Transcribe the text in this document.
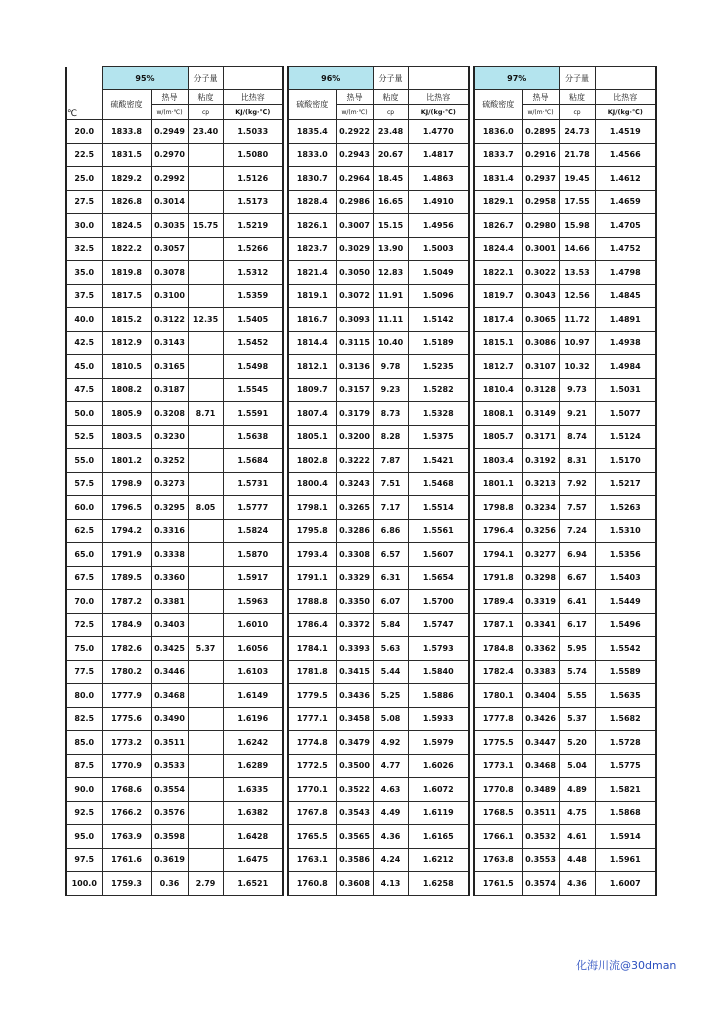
	95%		分子量	
℃	硫酸密度	热导	粘度	比热容
		w/(m·℃)	cp	KJ/(kg·℃)
20.0	1833.8	0.2949	23.40	1.5033
22.5	1831.5	0.2970		1.5080
25.0	1829.2	0.2992		1.5126
27.5	1826.8	0.3014		1.5173
30.0	1824.5	0.3035	15.75	1.5219
32.5	1822.2	0.3057		1.5266
35.0	1819.8	0.3078		1.5312
37.5	1817.5	0.3100		1.5359
40.0	1815.2	0.3122	12.35	1.5405
42.5	1812.9	0.3143		1.5452
45.0	1810.5	0.3165		1.5498
47.5	1808.2	0.3187		1.5545
50.0	1805.9	0.3208	8.71	1.5591
52.5	1803.5	0.3230		1.5638
55.0	1801.2	0.3252		1.5684
57.5	1798.9	0.3273		1.5731
60.0	1796.5	0.3295	8.05	1.5777
62.5	1794.2	0.3316		1.5824
65.0	1791.9	0.3338		1.5870
67.5	1789.5	0.3360		1.5917
70.0	1787.2	0.3381		1.5963
72.5	1784.9	0.3403		1.6010
75.0	1782.6	0.3425	5.37	1.6056
77.5	1780.2	0.3446		1.6103
80.0	1777.9	0.3468		1.6149
82.5	1775.6	0.3490		1.6196
85.0	1773.2	0.3511		1.6242
87.5	1770.9	0.3533		1.6289
90.0	1768.6	0.3554		1.6335
92.5	1766.2	0.3576		1.6382
95.0	1763.9	0.3598		1.6428
97.5	1761.6	0.3619		1.6475
100.0	1759.3	0.36	2.79	1.6521
96%		分子量	
硫酸密度	热导	粘度	比热容
	w/(m·℃)	cp	KJ/(kg·℃)
1835.4	0.2922	23.48	1.4770
1833.0	0.2943	20.67	1.4817
1830.7	0.2964	18.45	1.4863
1828.4	0.2986	16.65	1.4910
1826.1	0.3007	15.15	1.4956
1823.7	0.3029	13.90	1.5003
1821.4	0.3050	12.83	1.5049
1819.1	0.3072	11.91	1.5096
1816.7	0.3093	11.11	1.5142
1814.4	0.3115	10.40	1.5189
1812.1	0.3136	9.78	1.5235
1809.7	0.3157	9.23	1.5282
1807.4	0.3179	8.73	1.5328
1805.1	0.3200	8.28	1.5375
1802.8	0.3222	7.87	1.5421
1800.4	0.3243	7.51	1.5468
1798.1	0.3265	7.17	1.5514
1795.8	0.3286	6.86	1.5561
1793.4	0.3308	6.57	1.5607
1791.1	0.3329	6.31	1.5654
1788.8	0.3350	6.07	1.5700
1786.4	0.3372	5.84	1.5747
1784.1	0.3393	5.63	1.5793
1781.8	0.3415	5.44	1.5840
1779.5	0.3436	5.25	1.5886
1777.1	0.3458	5.08	1.5933
1774.8	0.3479	4.92	1.5979
1772.5	0.3500	4.77	1.6026
1770.1	0.3522	4.63	1.6072
1767.8	0.3543	4.49	1.6119
1765.5	0.3565	4.36	1.6165
1763.1	0.3586	4.24	1.6212
1760.8	0.3608	4.13	1.6258
97%		分子量	
硫酸密度	热导	粘度	比热容
	w/(m·℃)	cp	KJ/(kg·℃)
1836.0	0.2895	24.73	1.4519
1833.7	0.2916	21.78	1.4566
1831.4	0.2937	19.45	1.4612
1829.1	0.2958	17.55	1.4659
1826.7	0.2980	15.98	1.4705
1824.4	0.3001	14.66	1.4752
1822.1	0.3022	13.53	1.4798
1819.7	0.3043	12.56	1.4845
1817.4	0.3065	11.72	1.4891
1815.1	0.3086	10.97	1.4938
1812.7	0.3107	10.32	1.4984
1810.4	0.3128	9.73	1.5031
1808.1	0.3149	9.21	1.5077
1805.7	0.3171	8.74	1.5124
1803.4	0.3192	8.31	1.5170
1801.1	0.3213	7.92	1.5217
1798.8	0.3234	7.57	1.5263
1796.4	0.3256	7.24	1.5310
1794.1	0.3277	6.94	1.5356
1791.8	0.3298	6.67	1.5403
1789.4	0.3319	6.41	1.5449
1787.1	0.3341	6.17	1.5496
1784.8	0.3362	5.95	1.5542
1782.4	0.3383	5.74	1.5589
1780.1	0.3404	5.55	1.5635
1777.8	0.3426	5.37	1.5682
1775.5	0.3447	5.20	1.5728
1773.1	0.3468	5.04	1.5775
1770.8	0.3489	4.89	1.5821
1768.5	0.3511	4.75	1.5868
1766.1	0.3532	4.61	1.5914
1763.8	0.3553	4.48	1.5961
1761.5	0.3574	4.36	1.6007
化海川流@30dman
